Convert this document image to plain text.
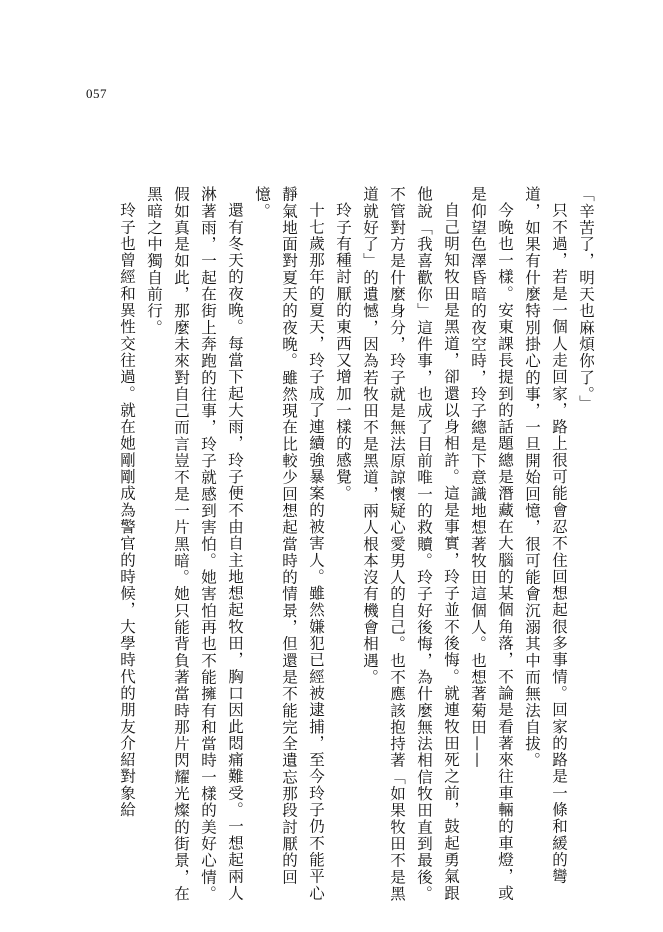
057

「辛苦了，明天也麻煩你了。」

只不過，若是一個人走回家，路上很可能會忍不住回想起很多事情。回家的路是一條和緩的彎道，如果有什麼特別掛心的事，一旦開始回憶，很可能會沉溺其中而無法自拔。

今晚也一樣。安東課長提到的話題總是潛藏在大腦的某個角落，不論是看著來往車輛的車燈，或是仰望色澤昏暗的夜空時，玲子總是下意識地想著牧田這個人。也想著菊田——

自己明知牧田是黑道，卻還以身相許。這是事實，玲子並不後悔。就連牧田死之前，鼓起勇氣跟他說「我喜歡你」這件事，也成了目前唯一的救贖。玲子好後悔，為什麼無法相信牧田直到最後。不管對方是什麼身分，玲子就是無法原諒懷疑心愛男人的自己。也不應該抱持著「如果牧田不是黑道就好了」的遺憾，因為若牧田不是黑道，兩人根本沒有機會相遇。

玲子有種討厭的東西又增加一樣的感覺。

十七歲那年的夏天，玲子成了連續強暴案的被害人。雖然嫌犯已經被逮捕，至今玲子仍不能平心靜氣地面對夏天的夜晚。雖然現在比較少回想起當時的情景，但還是不能完全遺忘那段討厭的回憶。

還有冬天的夜晚。每當下起大雨，玲子便不由自主地想起牧田，胸口因此悶痛難受。一想起兩人淋著雨，一起在街上奔跑的往事，玲子就感到害怕。她害怕再也不能擁有和當時一樣的美好心情。假如真是如此，那麼未來對自己而言豈不是一片黑暗。她只能背負著當時那片閃耀光燦的街景，在黑暗之中獨自前行。

玲子也曾經和異性交往過。就在她剛剛成為警官的時候，大學時代的朋友介紹對象給
